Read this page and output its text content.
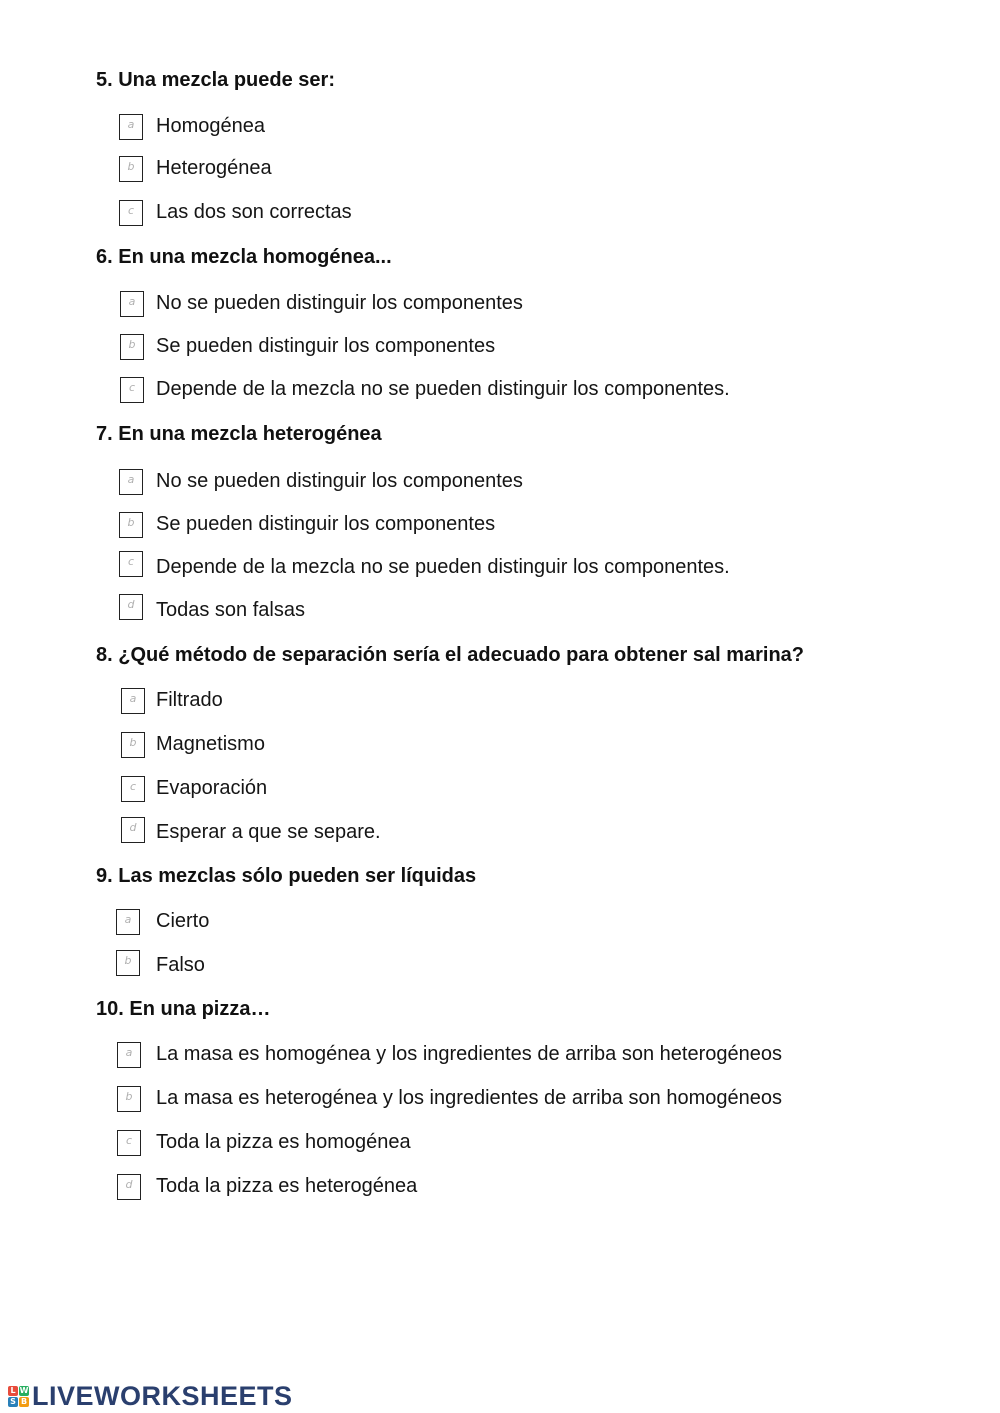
5. Una mezcla puede ser:
a	Homogénea
b	Heterogénea
c	Las dos son correctas
6. En una mezcla homogénea...
a	No se pueden distinguir los componentes
b	Se pueden distinguir los componentes
c	Depende de la mezcla no se pueden distinguir los componentes.
7. En una mezcla heterogénea
a	No se pueden distinguir los componentes
b	Se pueden distinguir los componentes
c	Depende de la mezcla no se pueden distinguir los componentes.
d	Todas son falsas
8. ¿Qué método de separación sería el adecuado para obtener sal marina?
a Filtrado
b Magnetismo
c Evaporación
d Esperar a que se separe.
9. Las mezclas sólo pueden ser líquidas
a	Cierto
b	Falso
10. En una pizza…
a	La masa es homogénea y los ingredientes de arriba son heterogéneos
b	La masa es heterogénea y los ingredientes de arriba son homogéneos
c	Toda la pizza es homogénea
d	Toda la pizza es heterogénea
L W
S B LIVEWORKSHEETS
